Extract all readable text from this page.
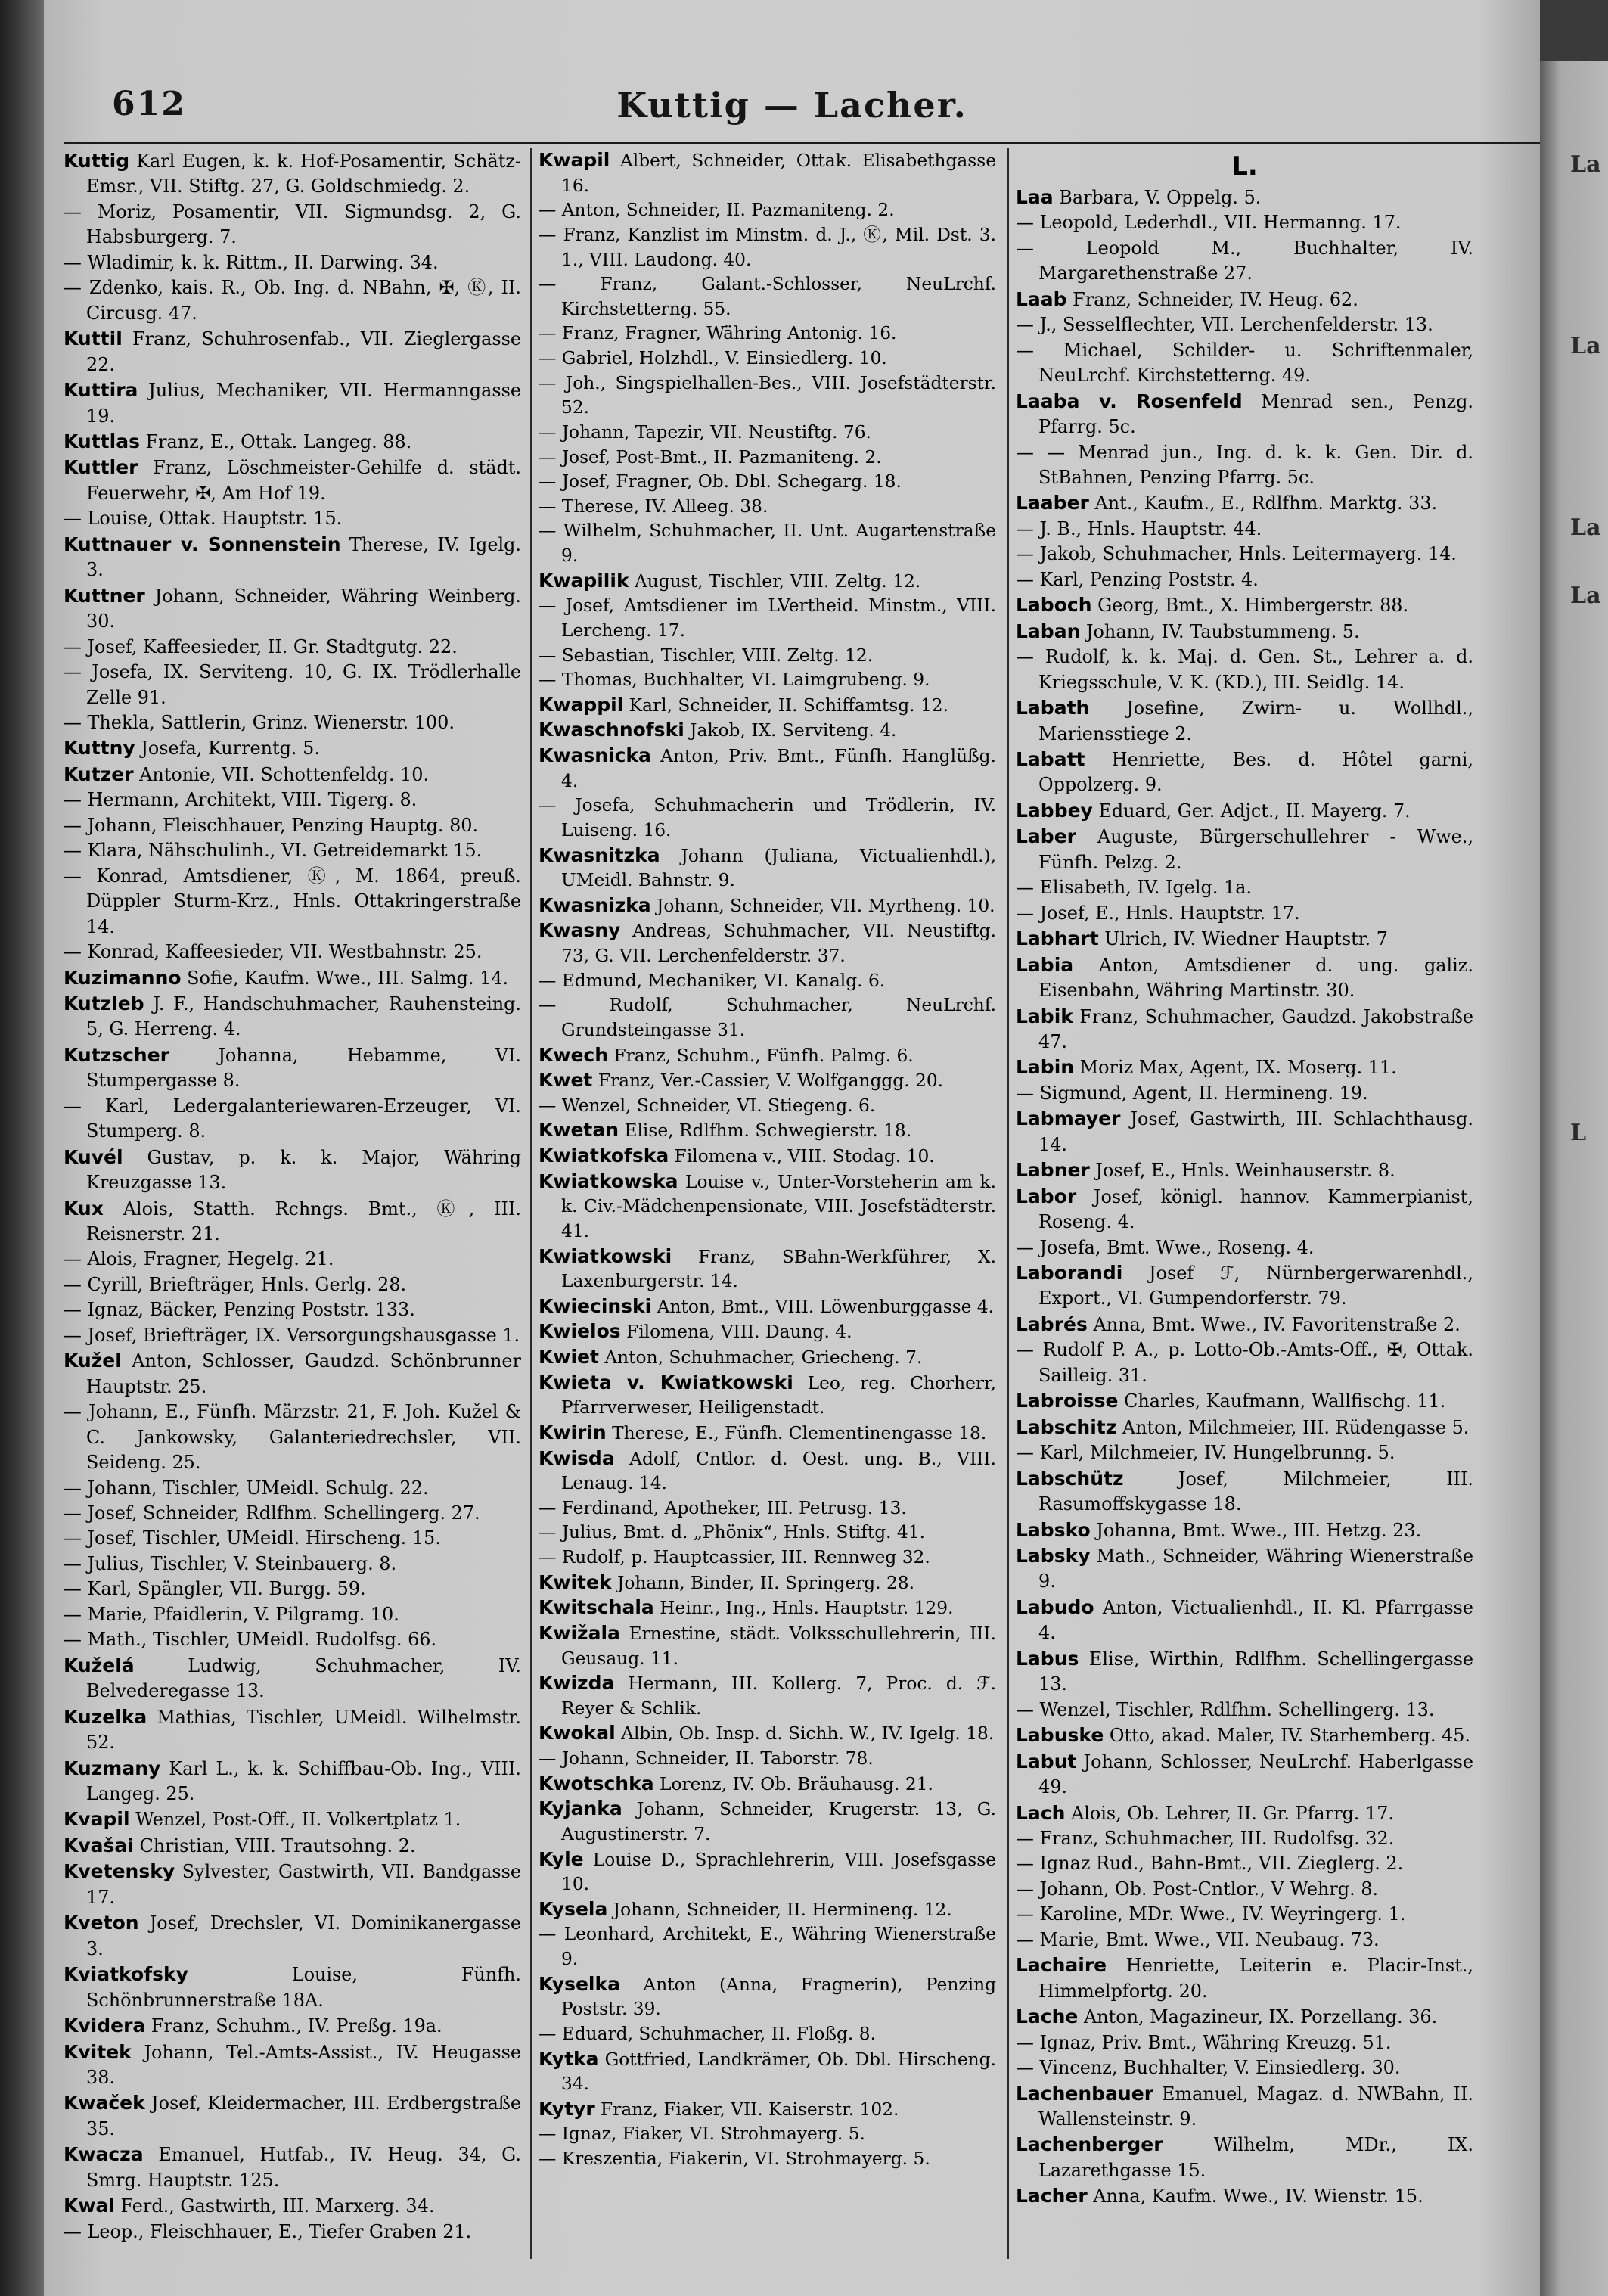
612	Kuttig — Lacher.
Kuttig Karl Eugen, k. k. Hof-Posamentir, Schätz-Emsr., VII. Stiftg. 27, G. Goldschmiedg. 2.
— Moriz, Posamentir, VII. Sigmundsg. 2, G. Habsburgerg. 7.
— Wladimir, k. k. Rittm., II. Darwing. 34.
— Zdenko, kais. R., Ob. Ing. d. NBahn, ✠, Ⓚ, II. Circusg. 47.
Kuttil Franz, Schuhrosenfab., VII. Zieglergasse 22.
Kuttira Julius, Mechaniker, VII. Hermanngasse 19.
Kuttlas Franz, E., Ottak. Langeg. 88.
Kuttler Franz, Löschmeister-Gehilfe d. städt. Feuerwehr, ✠, Am Hof 19.
— Louise, Ottak. Hauptstr. 15.
Kuttnauer v. Sonnenstein Therese, IV. Igelg. 3.
Kuttner Johann, Schneider, Währing Weinberg. 30.
— Josef, Kaffeesieder, II. Gr. Stadtgutg. 22.
— Josefa, IX. Serviteng. 10, G. IX. Trödlerhalle Zelle 91.
— Thekla, Sattlerin, Grinz. Wienerstr. 100.
Kuttny Josefa, Kurrentg. 5.
Kutzer Antonie, VII. Schottenfeldg. 10.
— Hermann, Architekt, VIII. Tigerg. 8.
— Johann, Fleischhauer, Penzing Hauptg. 80.
— Klara, Nähschulinh., VI. Getreidemarkt 15.
— Konrad, Amtsdiener, Ⓚ, M. 1864, preuß. Düppler Sturm-Krz., Hnls. Ottakringerstraße 14.
— Konrad, Kaffeesieder, VII. Westbahnstr. 25.
Kuzimanno Sofie, Kaufm. Wwe., III. Salmg. 14.
Kutzleb J. F., Handschuhmacher, Rauhensteing. 5, G. Herreng. 4.
Kutzscher Johanna, Hebamme, VI. Stumpergasse 8.
— Karl, Ledergalanteriewaren-Erzeuger, VI. Stumperg. 8.
Kuvél Gustav, p. k. k. Major, Währing Kreuzgasse 13.
Kux Alois, Statth. Rchngs. Bmt., Ⓚ, III. Reisnerstr. 21.
— Alois, Fragner, Hegelg. 21.
— Cyrill, Briefträger, Hnls. Gerlg. 28.
— Ignaz, Bäcker, Penzing Poststr. 133.
— Josef, Briefträger, IX. Versorgungshausgasse 1.
Kužel Anton, Schlosser, Gaudzd. Schönbrunner Hauptstr. 25.
— Johann, E., Fünfh. Märzstr. 21, F. Joh. Kužel & C. Jankowsky, Galanteriedrechsler, VII. Seideng. 25.
— Johann, Tischler, UMeidl. Schulg. 22.
— Josef, Schneider, Rdlfhm. Schellingerg. 27.
— Josef, Tischler, UMeidl. Hirscheng. 15.
— Julius, Tischler, V. Steinbauerg. 8.
— Karl, Spängler, VII. Burgg. 59.
— Marie, Pfaidlerin, V. Pilgramg. 10.
— Math., Tischler, UMeidl. Rudolfsg. 66.
Kuželá Ludwig, Schuhmacher, IV. Belvederegasse 13.
Kuzelka Mathias, Tischler, UMeidl. Wilhelmstr. 52.
Kuzmany Karl L., k. k. Schiffbau-Ob. Ing., VIII. Langeg. 25.
Kvapil Wenzel, Post-Off., II. Volkertplatz 1.
Kvašai Christian, VIII. Trautsohng. 2.
Kvetensky Sylvester, Gastwirth, VII. Bandgasse 17.
Kveton Josef, Drechsler, VI. Dominikanergasse 3.
Kviatkofsky Louise, Fünfh. Schönbrunnerstraße 18A.
Kvidera Franz, Schuhm., IV. Preßg. 19a.
Kvitek Johann, Tel.-Amts-Assist., IV. Heugasse 38.
Kwaček Josef, Kleidermacher, III. Erdbergstraße 35.
Kwacza Emanuel, Hutfab., IV. Heug. 34, G. Smrg. Hauptstr. 125.
Kwal Ferd., Gastwirth, III. Marxerg. 34.
— Leop., Fleischhauer, E., Tiefer Graben 21.
Kwapil Albert, Schneider, Ottak. Elisabethgasse 16.
— Anton, Schneider, II. Pazmaniteng. 2.
— Franz, Kanzlist im Minstm. d. J., Ⓚ, Mil. Dst. 3. 1., VIII. Laudong. 40.
— Franz, Galant.-Schlosser, NeuLrchf. Kirchstetterng. 55.
— Franz, Fragner, Währing Antonig. 16.
— Gabriel, Holzhdl., V. Einsiedlerg. 10.
— Joh., Singspielhallen-Bes., VIII. Josefstädterstr. 52.
— Johann, Tapezir, VII. Neustiftg. 76.
— Josef, Post-Bmt., II. Pazmaniteng. 2.
— Josef, Fragner, Ob. Dbl. Schegarg. 18.
— Therese, IV. Alleeg. 38.
— Wilhelm, Schuhmacher, II. Unt. Augartenstraße 9.
Kwapilik August, Tischler, VIII. Zeltg. 12.
— Josef, Amtsdiener im LVertheid. Minstm., VIII. Lercheng. 17.
— Sebastian, Tischler, VIII. Zeltg. 12.
— Thomas, Buchhalter, VI. Laimgrubeng. 9.
Kwappil Karl, Schneider, II. Schiffamtsg. 12.
Kwaschnofski Jakob, IX. Serviteng. 4.
Kwasnicka Anton, Priv. Bmt., Fünfh. Hanglüßg. 4.
— Josefa, Schuhmacherin und Trödlerin, IV. Luiseng. 16.
Kwasnitzka Johann (Juliana, Victualienhdl.), UMeidl. Bahnstr. 9.
Kwasnizka Johann, Schneider, VII. Myrtheng. 10.
Kwasny Andreas, Schuhmacher, VII. Neustiftg. 73, G. VII. Lerchenfelderstr. 37.
— Edmund, Mechaniker, VI. Kanalg. 6.
— Rudolf, Schuhmacher, NeuLrchf. Grundsteingasse 31.
Kwech Franz, Schuhm., Fünfh. Palmg. 6.
Kwet Franz, Ver.-Cassier, V. Wolfganggg. 20.
— Wenzel, Schneider, VI. Stiegeng. 6.
Kwetan Elise, Rdlfhm. Schwegierstr. 18.
Kwiatkofska Filomena v., VIII. Stodag. 10.
Kwiatkowska Louise v., Unter-Vorsteherin am k. k. Civ.-Mädchenpensionate, VIII. Josefstädterstr. 41.
Kwiatkowski Franz, SBahn-Werkführer, X. Laxenburgerstr. 14.
Kwiecinski Anton, Bmt., VIII. Löwenburggasse 4.
Kwielos Filomena, VIII. Daung. 4.
Kwiet Anton, Schuhmacher, Griecheng. 7.
Kwieta v. Kwiatkowski Leo, reg. Chorherr, Pfarrverweser, Heiligenstadt.
Kwirin Therese, E., Fünfh. Clementinengasse 18.
Kwisda Adolf, Cntlor. d. Oest. ung. B., VIII. Lenaug. 14.
— Ferdinand, Apotheker, III. Petrusg. 13.
— Julius, Bmt. d. „Phönix“, Hnls. Stiftg. 41.
— Rudolf, p. Hauptcassier, III. Rennweg 32.
Kwitek Johann, Binder, II. Springerg. 28.
Kwitschala Heinr., Ing., Hnls. Hauptstr. 129.
Kwižala Ernestine, städt. Volksschullehrerin, III. Geusaug. 11.
Kwizda Hermann, III. Kollerg. 7, Proc. d. ℱ. Reyer & Schlik.
Kwokal Albin, Ob. Insp. d. Sichh. W., IV. Igelg. 18.
— Johann, Schneider, II. Taborstr. 78.
Kwotschka Lorenz, IV. Ob. Bräuhausg. 21.
Kyjanka Johann, Schneider, Krugerstr. 13, G. Augustinerstr. 7.
Kyle Louise D., Sprachlehrerin, VIII. Josefsgasse 10.
Kysela Johann, Schneider, II. Hermineng. 12.
— Leonhard, Architekt, E., Währing Wienerstraße 9.
Kyselka Anton (Anna, Fragnerin), Penzing Poststr. 39.
— Eduard, Schuhmacher, II. Floßg. 8.
Kytka Gottfried, Landkrämer, Ob. Dbl. Hirscheng. 34.
Kytyr Franz, Fiaker, VII. Kaiserstr. 102.
— Ignaz, Fiaker, VI. Strohmayerg. 5.
— Kreszentia, Fiakerin, VI. Strohmayerg. 5.
L.
Laa Barbara, V. Oppelg. 5.
— Leopold, Lederhdl., VII. Hermanng. 17.
— Leopold M., Buchhalter, IV. Margarethenstraße 27.
Laab Franz, Schneider, IV. Heug. 62.
— J., Sesselflechter, VII. Lerchenfelderstr. 13.
— Michael, Schilder- u. Schriftenmaler, NeuLrchf. Kirchstetterng. 49.
Laaba v. Rosenfeld Menrad sen., Penzg. Pfarrg. 5c.
— — Menrad jun., Ing. d. k. k. Gen. Dir. d. StBahnen, Penzing Pfarrg. 5c.
Laaber Ant., Kaufm., E., Rdlfhm. Marktg. 33.
— J. B., Hnls. Hauptstr. 44.
— Jakob, Schuhmacher, Hnls. Leitermayerg. 14.
— Karl, Penzing Poststr. 4.
Laboch Georg, Bmt., X. Himbergerstr. 88.
Laban Johann, IV. Taubstummeng. 5.
— Rudolf, k. k. Maj. d. Gen. St., Lehrer a. d. Kriegsschule, V. K. (KD.), III. Seidlg. 14.
Labath Josefine, Zwirn- u. Wollhdl., Mariensstiege 2.
Labatt Henriette, Bes. d. Hôtel garni, Oppolzerg. 9.
Labbey Eduard, Ger. Adjct., II. Mayerg. 7.
Laber Auguste, Bürgerschullehrer - Wwe., Fünfh. Pelzg. 2.
— Elisabeth, IV. Igelg. 1a.
— Josef, E., Hnls. Hauptstr. 17.
Labhart Ulrich, IV. Wiedner Hauptstr. 7
Labia Anton, Amtsdiener d. ung. galiz. Eisenbahn, Währing Martinstr. 30.
Labik Franz, Schuhmacher, Gaudzd. Jakobstraße 47.
Labin Moriz Max, Agent, IX. Moserg. 11.
— Sigmund, Agent, II. Hermineng. 19.
Labmayer Josef, Gastwirth, III. Schlachthausg. 14.
Labner Josef, E., Hnls. Weinhauserstr. 8.
Labor Josef, königl. hannov. Kammerpianist, Roseng. 4.
— Josefa, Bmt. Wwe., Roseng. 4.
Laborandi Josef ℱ, Nürnbergerwarenhdl., Export., VI. Gumpendorferstr. 79.
Labrés Anna, Bmt. Wwe., IV. Favoritenstraße 2.
— Rudolf P. A., p. Lotto-Ob.-Amts-Off., ✠, Ottak. Sailleig. 31.
Labroisse Charles, Kaufmann, Wallfischg. 11.
Labschitz Anton, Milchmeier, III. Rüdengasse 5.
— Karl, Milchmeier, IV. Hungelbrunng. 5.
Labschütz Josef, Milchmeier, III. Rasumoffskygasse 18.
Labsko Johanna, Bmt. Wwe., III. Hetzg. 23.
Labsky Math., Schneider, Währing Wienerstraße 9.
Labudo Anton, Victualienhdl., II. Kl. Pfarrgasse 4.
Labus Elise, Wirthin, Rdlfhm. Schellingergasse 13.
— Wenzel, Tischler, Rdlfhm. Schellingerg. 13.
Labuske Otto, akad. Maler, IV. Starhemberg. 45.
Labut Johann, Schlosser, NeuLrchf. Haberlgasse 49.
Lach Alois, Ob. Lehrer, II. Gr. Pfarrg. 17.
— Franz, Schuhmacher, III. Rudolfsg. 32.
— Ignaz Rud., Bahn-Bmt., VII. Zieglerg. 2.
— Johann, Ob. Post-Cntlor., V Wehrg. 8.
— Karoline, MDr. Wwe., IV. Weyringerg. 1.
— Marie, Bmt. Wwe., VII. Neubaug. 73.
Lachaire Henriette, Leiterin e. Placir-Inst., Himmelpfortg. 20.
Lache Anton, Magazineur, IX. Porzellang. 36.
— Ignaz, Priv. Bmt., Währing Kreuzg. 51.
— Vincenz, Buchhalter, V. Einsiedlerg. 30.
Lachenbauer Emanuel, Magaz. d. NWBahn, II. Wallensteinstr. 9.
Lachenberger Wilhelm, MDr., IX. Lazarethgasse 15.
Lacher Anna, Kaufm. Wwe., IV. Wienstr. 15.
La
La
La
La
L
